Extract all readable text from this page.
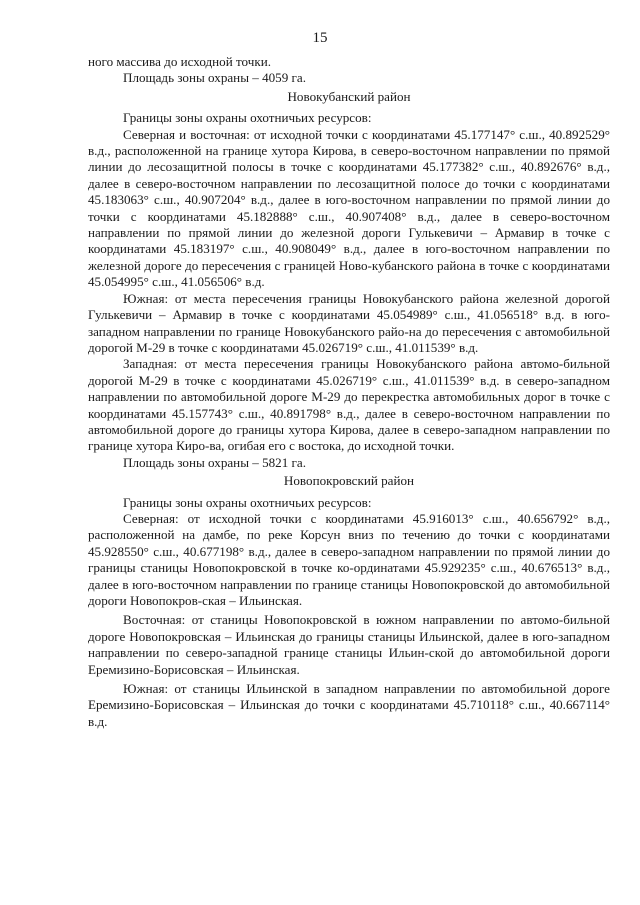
15

ного массива до исходной точки.

Площадь зоны охраны – 4059 га.

Новокубанский район

Границы зоны охраны охотничьих ресурсов:

Северная и восточная: от исходной точки с координатами 45.177147° с.ш., 40.892529° в.д., расположенной на границе хутора Кирова, в северо-восточном направлении по прямой линии до лесозащитной полосы в точке с координатами 45.177382° с.ш., 40.892676° в.д., далее в северо-восточном направлении по лесозащитной полосе до точки с координатами 45.183063° с.ш., 40.907204° в.д., далее в юго-восточном направлении по прямой линии до точки с координатами 45.182888° с.ш., 40.907408° в.д., далее в северо-восточном направлении по прямой линии до железной дороги Гулькевичи – Армавир в точке с координатами 45.183197° с.ш., 40.908049° в.д., далее в юго-восточном направлении по железной дороге до пересечения с границей Ново-кубанского района в точке с координатами 45.054995° с.ш., 41.056506° в.д.

Южная: от места пересечения границы Новокубанского района железной дорогой Гулькевичи – Армавир в точке с координатами 45.054989° с.ш., 41.056518° в.д. в юго-западном направлении по границе Новокубанского райо-на до пересечения с автомобильной дорогой М-29 в точке с координатами 45.026719° с.ш., 41.011539° в.д.

Западная: от места пересечения границы Новокубанского района автомо-бильной дорогой М-29 в точке с координатами 45.026719° с.ш., 41.011539° в.д. в северо-западном направлении по автомобильной дороге М-29 до перекрестка автомобильных дорог в точке с координатами 45.157743° с.ш., 40.891798° в.д., далее в северо-восточном направлении по автомобильной дороге до границы хутора Кирова, далее в северо-западном направлении по границе хутора Киро-ва, огибая его с востока, до исходной точки.

Площадь зоны охраны – 5821 га.

Новопокровский район

Границы зоны охраны охотничьих ресурсов:

Северная: от исходной точки с координатами 45.916013° с.ш., 40.656792° в.д., расположенной на дамбе, по реке Корсун вниз по течению до точки с координатами 45.928550° с.ш., 40.677198° в.д., далее в северо-западном направлении по прямой линии до границы станицы Новопокровской в точке ко-ординатами 45.929235° с.ш., 40.676513° в.д., далее в юго-восточном направлении по границе станицы Новопокровской до автомобильной дороги Новопокров-ская – Ильинская.

Восточная: от станицы Новопокровской в южном направлении по автомо-бильной дороге Новопокровская – Ильинская до границы станицы Ильинской, далее в юго-западном направлении по северо-западной границе станицы Ильин-ской до автомобильной дороги Еремизино-Борисовская – Ильинская.

Южная: от станицы Ильинской в западном направлении по автомобильной дороге Еремизино-Борисовская – Ильинская до точки с координатами 45.710118° с.ш., 40.667114° в.д.
